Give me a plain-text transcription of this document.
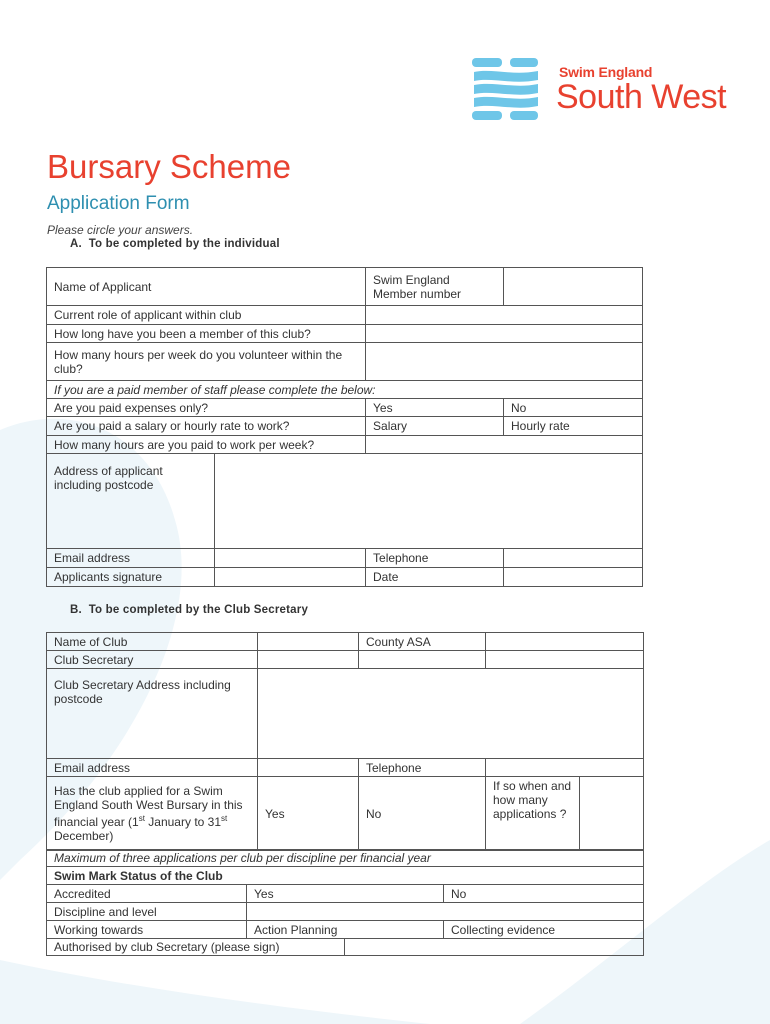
Swim England
South West
Bursary Scheme
Application Form
Please circle your answers.
A.  To be completed by the individual
Name of Applicant		Swim England
Member number	
Current role of applicant within club			
How long have you been a member of this club?			
How many hours per week do you volunteer within the club?			
If you are a paid member of staff please complete the below:			
Are you paid expenses only?		Yes	No
Are you paid a salary or hourly rate to work?		Salary	Hourly rate
How many hours are you paid to work per week?			
Address of applicant including postcode			
Email address		Telephone	
Applicants signature		Date	
B.  To be completed by the Club Secretary
Name of Club		County ASA		
Club Secretary				
Club Secretary Address including postcode				
Email address		Telephone		
Has the club applied for a Swim England South West Bursary in this financial year (1st January to 31st December)	Yes	No	If so when and how many applications ?	
Maximum of three applications per club per discipline per financial year			
Swim Mark Status of the Club			
Accredited	Yes		No
Discipline and level			
Working towards	Action Planning		Collecting evidence
Authorised by club Secretary (please sign)			
